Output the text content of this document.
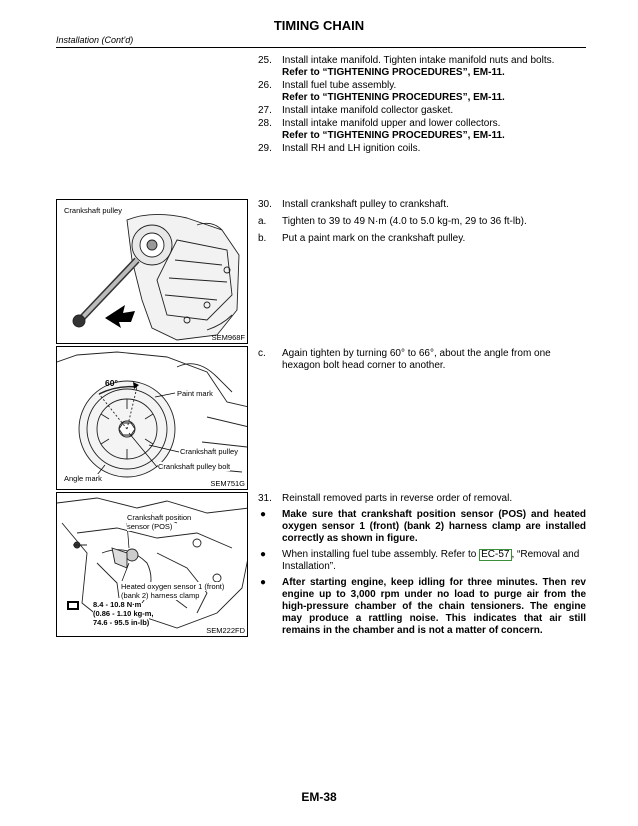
TIMING CHAIN
Installation (Cont'd)
25. Install intake manifold. Tighten intake manifold nuts and bolts.
Refer to “TIGHTENING PROCEDURES”, EM-11.
26. Install fuel tube assembly.
Refer to “TIGHTENING PROCEDURES”, EM-11.
27. Install intake manifold collector gasket.
28. Install intake manifold upper and lower collectors.
Refer to “TIGHTENING PROCEDURES”, EM-11.
29. Install RH and LH ignition coils.
30. Install crankshaft pulley to crankshaft.
a. Tighten to 39 to 49 N·m (4.0 to 5.0 kg-m, 29 to 36 ft-lb).
b. Put a paint mark on the crankshaft pulley.
c. Again tighten by turning 60° to 66°, about the angle from one hexagon bolt head corner to another.
31. Reinstall removed parts in reverse order of removal.
● Make sure that crankshaft position sensor (POS) and heated oxygen sensor 1 (front) (bank 2) harness clamp are installed correctly as shown in figure.
● When installing fuel tube assembly. Refer to EC-57 , “Removal and Installation”.
● After starting engine, keep idling for three minutes. Then rev engine up to 3,000 rpm under no load to purge air from the high-pressure chamber of the chain tensioners. The engine may produce a rattling noise. This indicates that air still remains in the chamber and is not a matter of concern.
Crankshaft pulley
SEM968F
60°
Paint mark
Crankshaft pulley
Crankshaft pulley bolt
Angle mark
SEM751G
Crankshaft position
sensor (POS)
Heated oxygen sensor 1 (front)
(bank 2) harness clamp
8.4 - 10.8 N·m
(0.86 - 1.10 kg-m,
74.6 - 95.5 in-lb)
SEM222FD
EM-38
